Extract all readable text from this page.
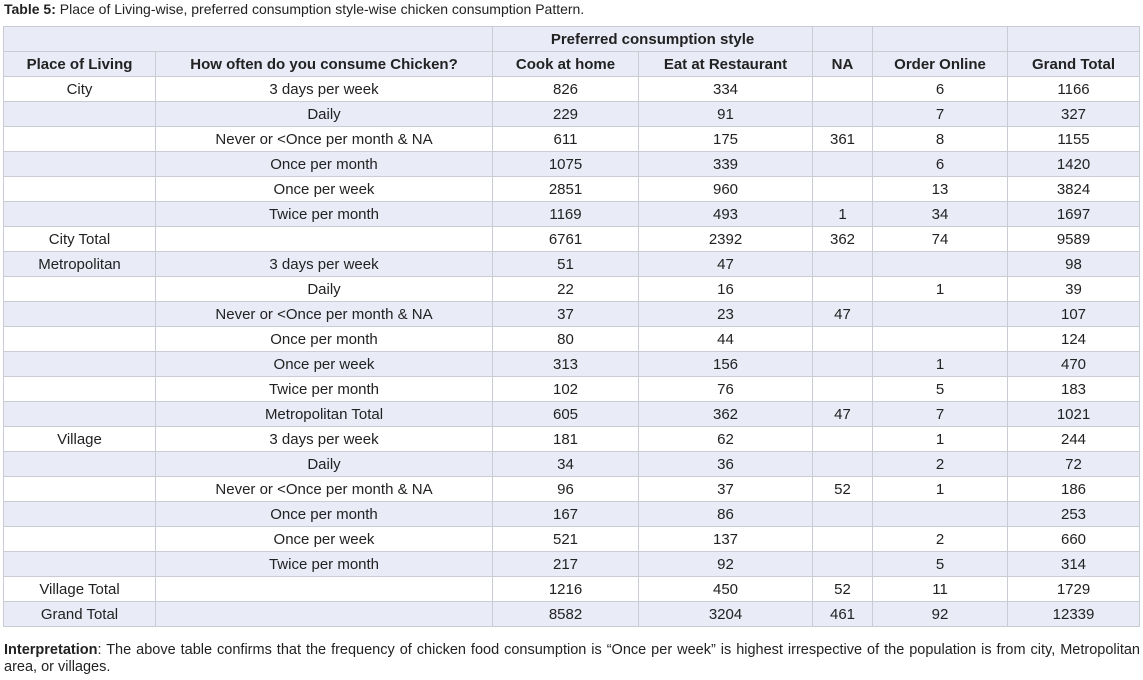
Table 5: Place of Living-wise, preferred consumption style-wise chicken consumption Pattern.
		Preferred consumption style				
Place of Living	How often do you consume Chicken?	Cook at home	Eat at Restaurant	NA	Order Online	Grand Total
City	3 days per week	826	334		6	1166
	Daily	229	91		7	327
	Never or <Once per month & NA	611	175	361	8	1155
	Once per month	1075	339		6	1420
	Once per week	2851	960		13	3824
	Twice per month	1169	493	1	34	1697
City Total		6761	2392	362	74	9589
Metropolitan	3 days per week	51	47			98
	Daily	22	16		1	39
	Never or <Once per month & NA	37	23	47		107
	Once per month	80	44			124
	Once per week	313	156		1	470
	Twice per month	102	76		5	183
	Metropolitan Total	605	362	47	7	1021
Village	3 days per week	181	62		1	244
	Daily	34	36		2	72
	Never or <Once per month & NA	96	37	52	1	186
	Once per month	167	86			253
	Once per week	521	137		2	660
	Twice per month	217	92		5	314
Village Total		1216	450	52	11	1729
Grand Total		8582	3204	461	92	12339
Interpretation: The above table confirms that the frequency of chicken food consumption is “Once per week” is highest irrespective of the population is from city, Metropolitan area, or villages.
